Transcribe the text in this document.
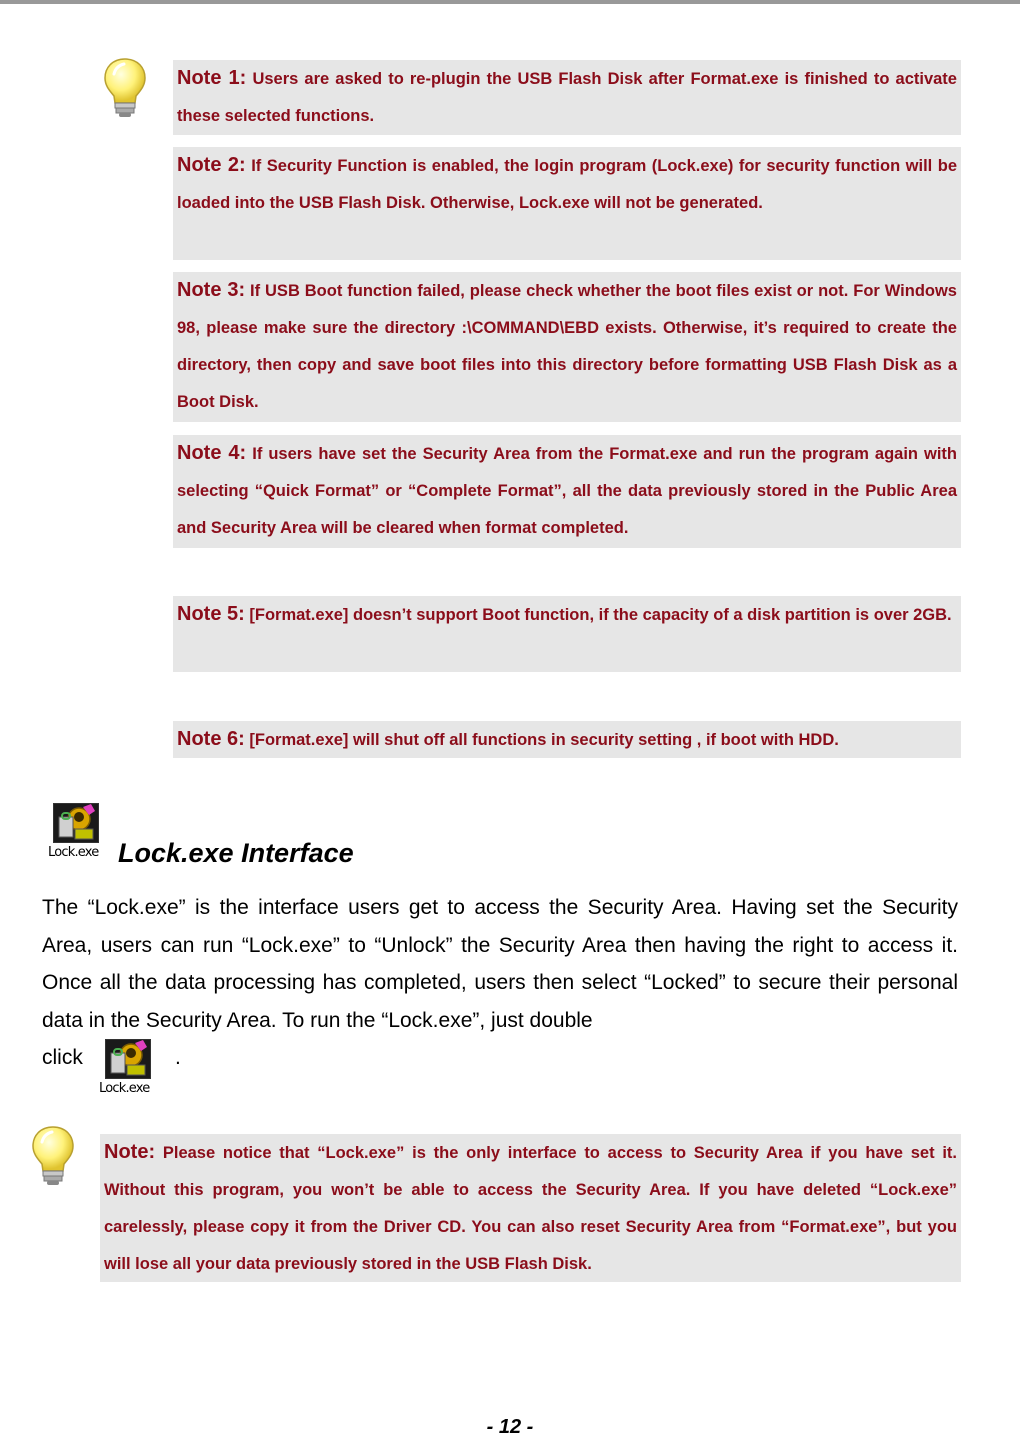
Note 1: Users are asked to re-plugin the USB Flash Disk after Format.exe is finished to activate these selected functions.
Note 2: If Security Function is enabled, the login program (Lock.exe) for security function will be loaded into the USB Flash Disk. Otherwise, Lock.exe will not be generated.
Note 3: If USB Boot function failed, please check whether the boot files exist or not. For Windows 98, please make sure the directory :\COMMAND\EBD exists. Otherwise, it’s required to create the directory, then copy and save boot files into this directory before formatting USB Flash Disk as a Boot Disk.
Note 4: If users have set the Security Area from the Format.exe and run the program again with selecting “Quick Format” or “Complete Format”, all the data previously stored in the Public Area and Security Area will be cleared when format completed.
Note 5: [Format.exe] doesn’t support Boot function, if the capacity of a disk partition is over 2GB.
Note 6: [Format.exe] will shut off all functions in security setting , if boot with HDD.
Lock.exe Lock.exe Interface

The “Lock.exe” is the interface users get to access the Security Area. Having set the Security Area, users can run “Lock.exe” to “Unlock” the Security Area then having the right to access it. Once all the data processing has completed, users then select “Locked” to secure their personal data in the Security Area. To run the “Lock.exe”, just double

click
Lock.exe
.
Note: Please notice that “Lock.exe” is the only interface to access to Security Area if you have set it. Without this program, you won’t be able to access the Security Area. If you have deleted “Lock.exe” carelessly, please copy it from the Driver CD. You can also reset Security Area from “Format.exe”, but you will lose all your data previously stored in the USB Flash Disk.
- 12 -
